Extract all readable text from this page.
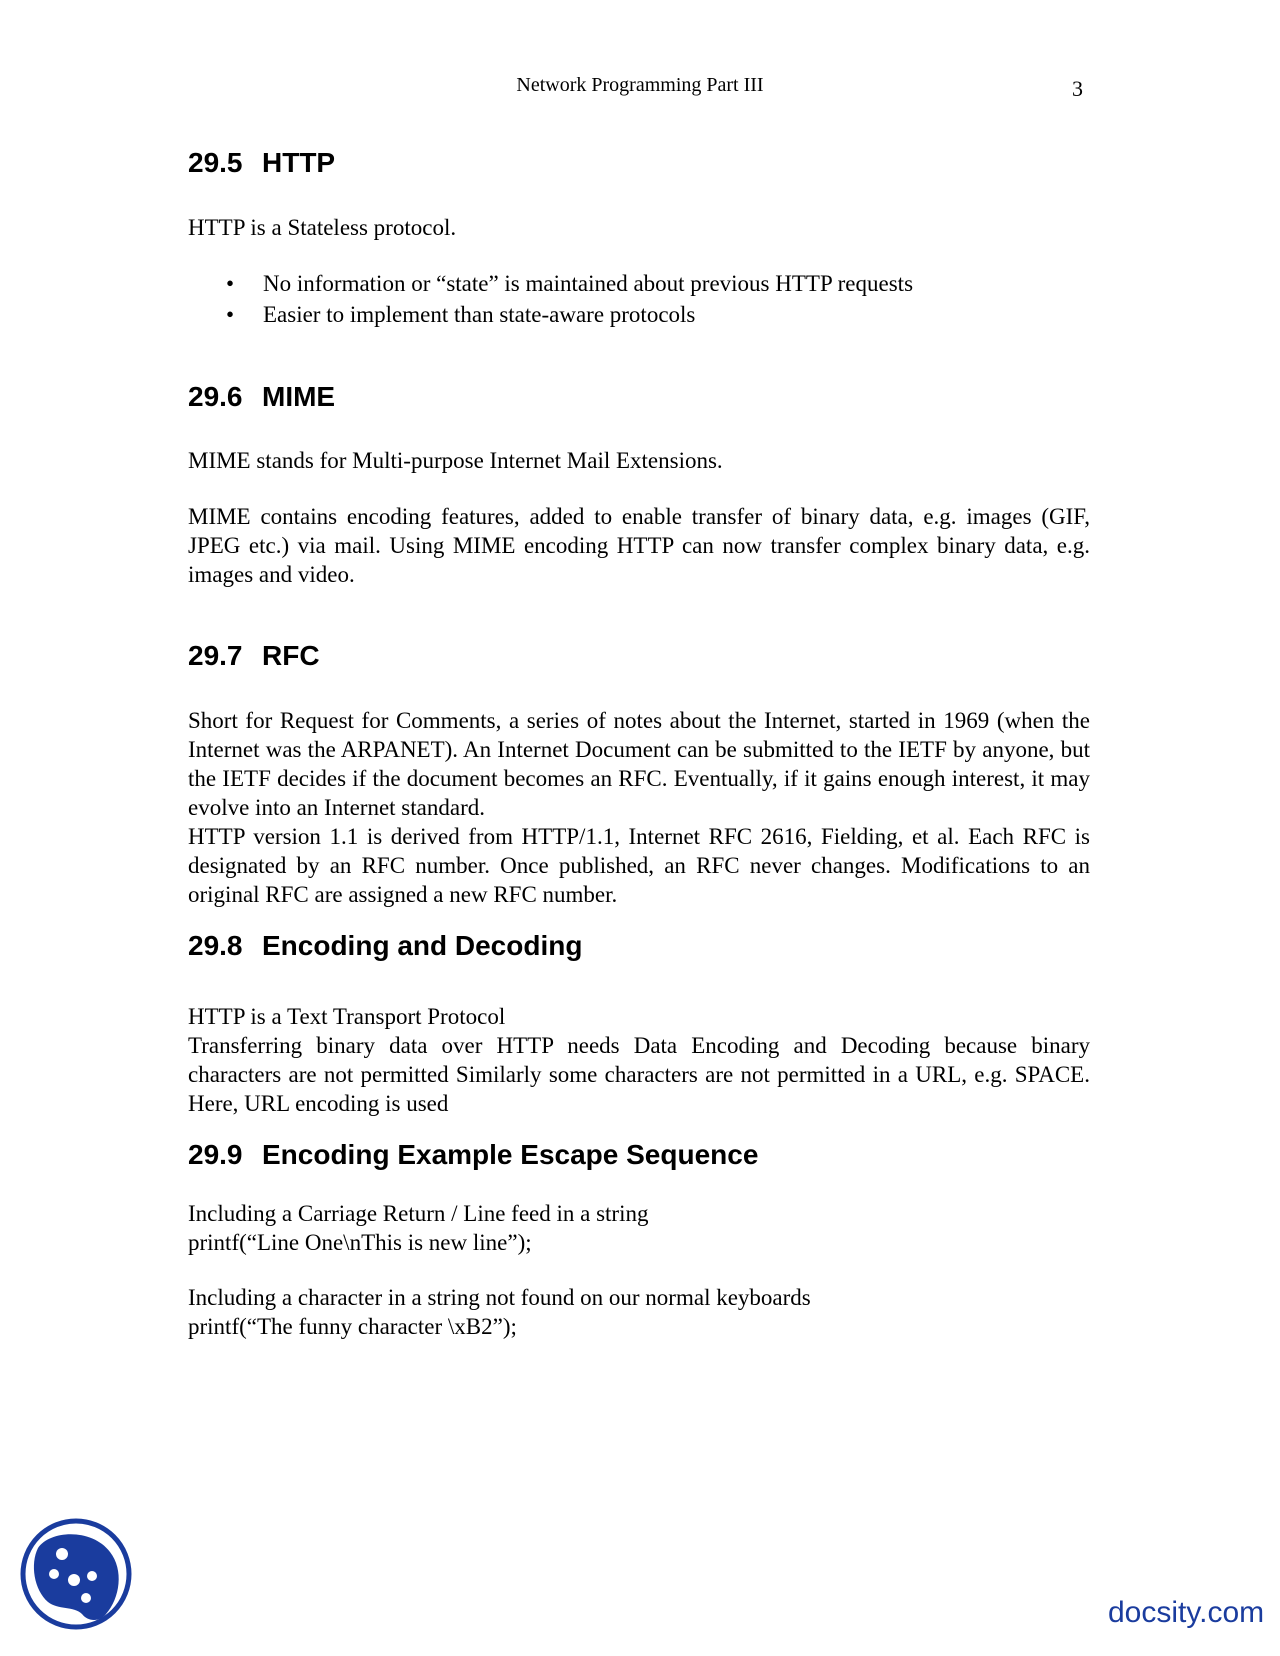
Network Programming Part III	3
29.5 HTTP

HTTP is a Stateless protocol.

• No information or “state” is maintained about previous HTTP requests
• Easier to implement than state-aware protocols
29.6 MIME

MIME stands for Multi-purpose Internet Mail Extensions.

MIME contains encoding features, added to enable transfer of binary data, e.g. images (GIF, JPEG etc.) via mail. Using MIME encoding HTTP can now transfer complex binary data, e.g. images and video.

29.7 RFC

Short for Request for Comments, a series of notes about the Internet, started in 1969 (when the Internet was the ARPANET). An Internet Document can be submitted to the IETF by anyone, but the IETF decides if the document becomes an RFC. Eventually, if it gains enough interest, it may evolve into an Internet standard.

HTTP version 1.1 is derived from HTTP/1.1, Internet RFC 2616, Fielding, et al. Each RFC is designated by an RFC number. Once published, an RFC never changes. Modifications to an original RFC are assigned a new RFC number.

29.8 Encoding and Decoding

HTTP is a Text Transport Protocol

Transferring binary data over HTTP needs Data Encoding and Decoding because binary characters are not permitted Similarly some characters are not permitted in a URL, e.g. SPACE. Here, URL encoding is used

29.9 Encoding Example Escape Sequence

Including a Carriage Return / Line feed in a string

printf(“Line One\nThis is new line”);

Including a character in a string not found on our normal keyboards

printf(“The funny character \xB2”);

docsity.com
